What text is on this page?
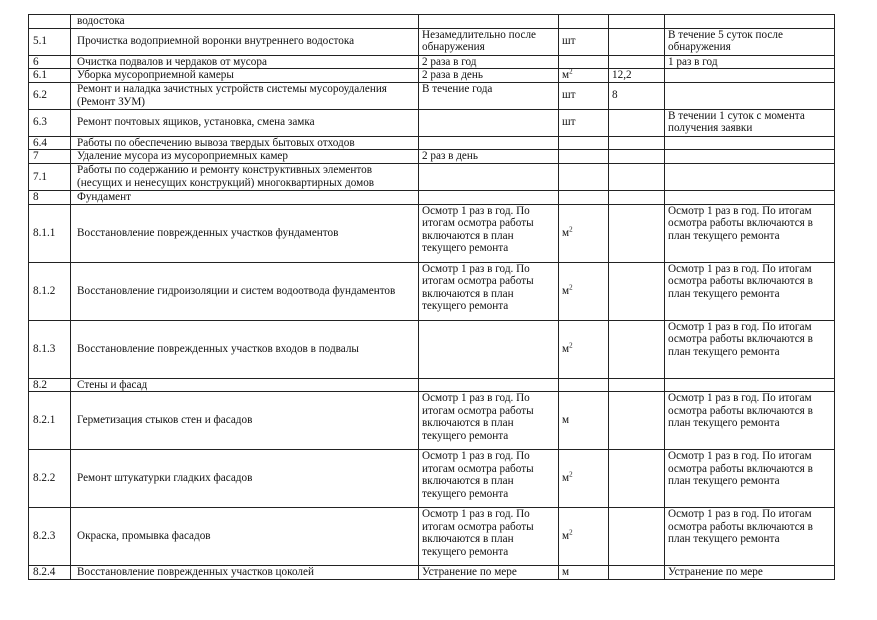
	водостока				
5.1	Прочистка водоприемной воронки внутреннего водостока	Незамедлительно после обнаружения	шт		В течение 5 суток после обнаружения
6	Очистка подвалов и чердаков от мусора	2 раза в год			1 раз в год
6.1	Уборка мусороприемной камеры	2 раза в день	$м^2$	12,2	
6.2	Ремонт и наладка зачистных устройств системы мусороудаления (Ремонт ЗУМ)	В течение года	шт	8	
6.3	Ремонт почтовых ящиков, установка, смена замка		шт		В течении 1 суток с момента получения заявки
6.4	Работы по обеспечению вывоза твердых бытовых отходов				
7	Удаление мусора из мусороприемных камер	2 раз в день			
7.1	Работы по содержанию и ремонту конструктивных элементов (несущих и ненесущих конструкций) многоквартирных домов				
8	Фундамент				
8.1.1	Восстановление поврежденных участков фундаментов	Осмотр 1 раз в год. По итогам осмотра работы включаются в план текущего ремонта	$м^2$		Осмотр 1 раз в год. По итогам осмотра работы включаются в план текущего ремонта
8.1.2	Восстановление гидроизоляции и систем водоотвода фундаментов	Осмотр 1 раз в год. По итогам осмотра работы включаются в план текущего ремонта	$м^2$		Осмотр 1 раз в год. По итогам осмотра работы включаются в план текущего ремонта
8.1.3	Восстановление поврежденных участков входов в подвалы		$м^2$		Осмотр 1 раз в год. По итогам осмотра работы включаются в план текущего ремонта
8.2	Стены и фасад				
8.2.1	Герметизация стыков стен и фасадов	Осмотр 1 раз в год. По итогам осмотра работы включаются в план текущего ремонта	м		Осмотр 1 раз в год. По итогам осмотра работы включаются в план текущего ремонта
8.2.2	Ремонт штукатурки гладких фасадов	Осмотр 1 раз в год. По итогам осмотра работы включаются в план текущего ремонта	$м^2$		Осмотр 1 раз в год. По итогам осмотра работы включаются в план текущего ремонта
8.2.3	Окраска, промывка фасадов	Осмотр 1 раз в год. По итогам осмотра работы включаются в план текущего ремонта	$м^2$		Осмотр 1 раз в год. По итогам осмотра работы включаются в план текущего ремонта
8.2.4	Восстановление поврежденных участков цоколей	Устранение по мере	м		Устранение по мере
